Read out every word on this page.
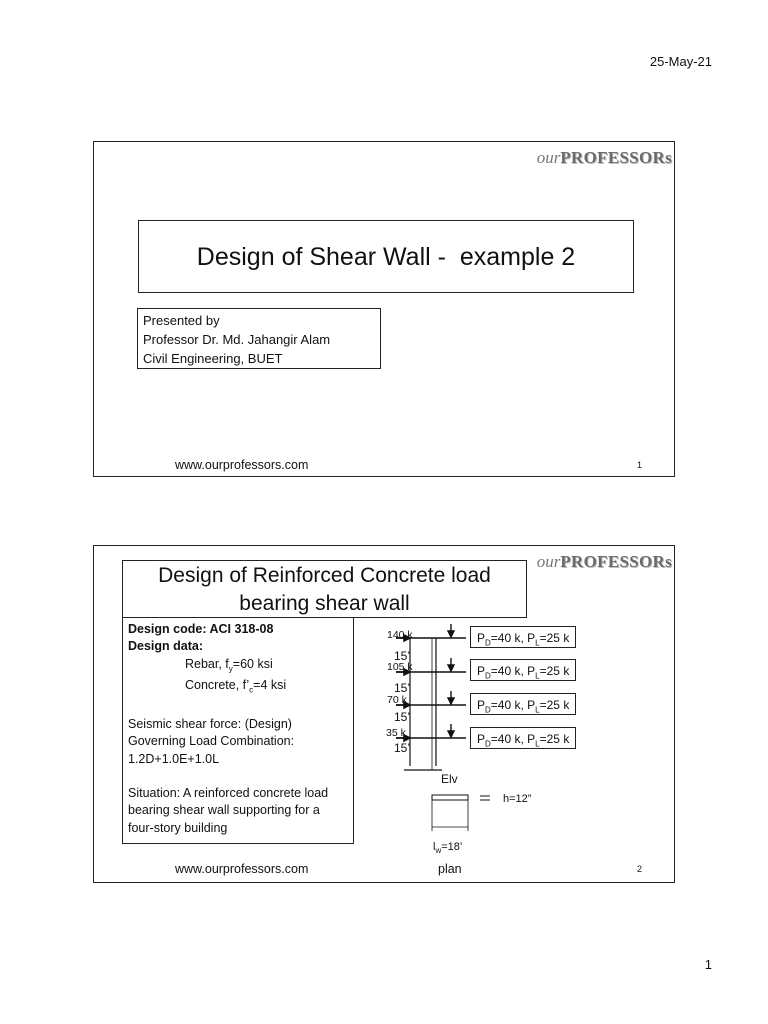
25-May-21
ourPROFESSORs
Design of Shear Wall -  example 2
Presented by
Professor Dr. Md. Jahangir Alam
Civil Engineering, BUET
www.ourprofessors.com	1
ourPROFESSORs
Design of Reinforced Concrete load
bearing shear wall
Design code: ACI 318-08
Design data:
Rebar, $f_y=60$ ksi
Concrete, $f’_c=4$ ksi
Seismic shear force: (Design)
Governing Load Combination:
1.2D+1.0E+1.0L
Situation: A reinforced concrete load
bearing shear wall supporting for a
four-story building
140 k
105 k
70 k
35 k
15’
15’
15’
15’
$P_D=40$ k, $P_L=25$ k
$P_D=40$ k, $P_L=25$ k
$P_D=40$ k, $P_L=25$ k
$P_D=40$ k, $P_L=25$ k
Elv
h=12”
$l_w=18$’
plan
www.ourprofessors.com	2
1
